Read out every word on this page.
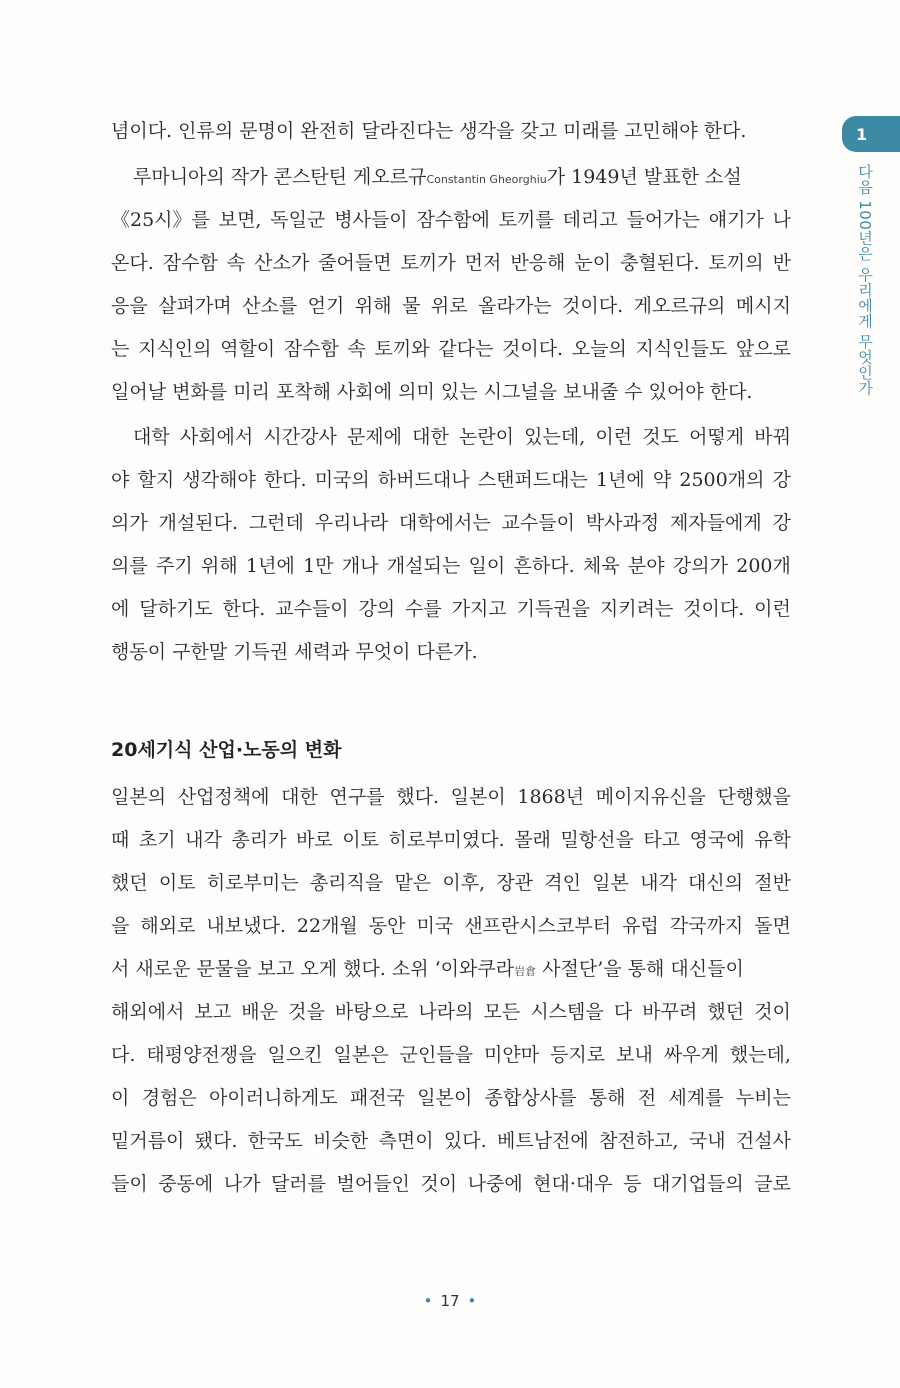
1
다음 100년은 우리에게 무엇인가
념이다. 인류의 문명이 완전히 달라진다는 생각을 갖고 미래를 고민해야 한다.
루마니아의 작가 콘스탄틴 게오르규Constantin Gheorghiu가 1949년 발표한 소설
《25시》를 보면, 독일군 병사들이 잠수함에 토끼를 데리고 들어가는 얘기가 나
온다. 잠수함 속 산소가 줄어들면 토끼가 먼저 반응해 눈이 충혈된다. 토끼의 반
응을 살펴가며 산소를 얻기 위해 물 위로 올라가는 것이다. 게오르규의 메시지
는 지식인의 역할이 잠수함 속 토끼와 같다는 것이다. 오늘의 지식인들도 앞으로
일어날 변화를 미리 포착해 사회에 의미 있는 시그널을 보내줄 수 있어야 한다.
대학 사회에서 시간강사 문제에 대한 논란이 있는데, 이런 것도 어떻게 바꿔
야 할지 생각해야 한다. 미국의 하버드대나 스탠퍼드대는 1년에 약 2500개의 강
의가 개설된다. 그런데 우리나라 대학에서는 교수들이 박사과정 제자들에게 강
의를 주기 위해 1년에 1만 개나 개설되는 일이 흔하다. 체육 분야 강의가 200개
에 달하기도 한다. 교수들이 강의 수를 가지고 기득권을 지키려는 것이다. 이런
행동이 구한말 기득권 세력과 무엇이 다른가.
20세기식 산업·노동의 변화
일본의 산업정책에 대한 연구를 했다. 일본이 1868년 메이지유신을 단행했을
때 초기 내각 총리가 바로 이토 히로부미였다. 몰래 밀항선을 타고 영국에 유학
했던 이토 히로부미는 총리직을 맡은 이후, 장관 격인 일본 내각 대신의 절반
을 해외로 내보냈다. 22개월 동안 미국 샌프란시스코부터 유럽 각국까지 돌면
서 새로운 문물을 보고 오게 했다. 소위 ‘이와쿠라岩倉 사절단’을 통해 대신들이
해외에서 보고 배운 것을 바탕으로 나라의 모든 시스템을 다 바꾸려 했던 것이
다. 태평양전쟁을 일으킨 일본은 군인들을 미얀마 등지로 보내 싸우게 했는데,
이 경험은 아이러니하게도 패전국 일본이 종합상사를 통해 전 세계를 누비는
밑거름이 됐다. 한국도 비슷한 측면이 있다. 베트남전에 참전하고, 국내 건설사
들이 중동에 나가 달러를 벌어들인 것이 나중에 현대·대우 등 대기업들의 글로
• 17 •
